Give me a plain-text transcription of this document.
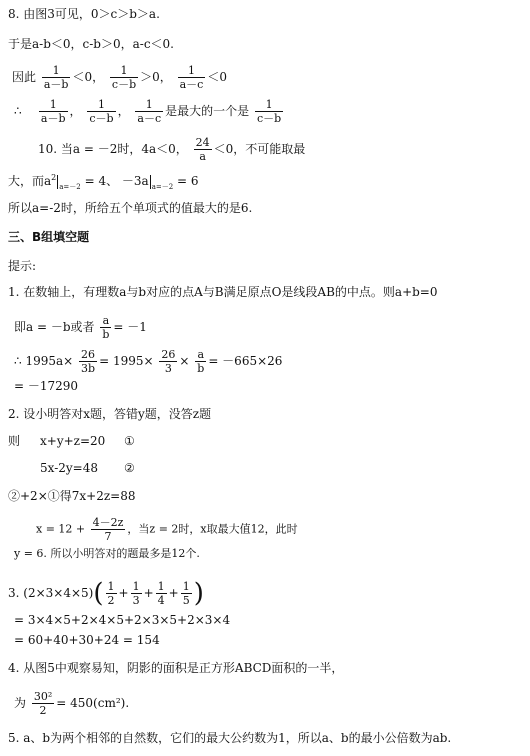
8. 由图3可见，0＞c＞b＞a.
于是a-b＜0，c-b＞0，a-c＜0.
因此 $\frac{1}{a-b} <0$， $\frac{1}{c-b} >0$， $\frac{1}{a-c} <0$
∴ $\frac{1}{a-b}$ ， $\frac{1}{c-b}$ ， $\frac{1}{a-c}$ 是最大的一个是 $\frac{1}{c-b}$
10. 当a = －2时，4a＜0， $\frac{24}{a} <0$，不可能取最
大，而$a^2_{a=-2} = 4$、 －3a $_{a=-2}$ = 6
所以a=-2时，所给五个单项式的值最大的是6.
三、B组填空题
提示:
1. 在数轴上，有理数a与b对应的点A与B满足原点O是线段AB的中点。则a+b=0
即a = －b或者 $\frac{a}{b} = -1$
∴ $1995a\times \frac{26}{3b} = 1995\times \frac{26}{3} \times \frac{a}{b} = -665\times 26$
= －17290
2. 设小明答对x题，答错y题，没答z题
则 x+y+z=20 ①
5x-2y=48 ②
②+2×①得7x+2z=88
$x = 12 + \frac{4-2z}{7}$ ，当z = 2时，x取最大值12，此时
y = 6. 所以小明答对的题最多是12个.
3. $(2\times 3\times 4\times 5)( \frac{1}{2} + \frac{1}{3} + \frac{1}{4} + \frac{1}{5}$ )
= 3×4×5+2×4×5+2×3×5+2×3×4
= 60+40+30+24 = 154
4. 从图5中观察易知，阴影的面积是正方形ABCD面积的一半，
为 $\frac{\text{30²}}{2} = 450(cm^2)$.
5. a、b为两个相邻的自然数，它们的最大公约数为1，所以a、b的最小公倍数为ab.
